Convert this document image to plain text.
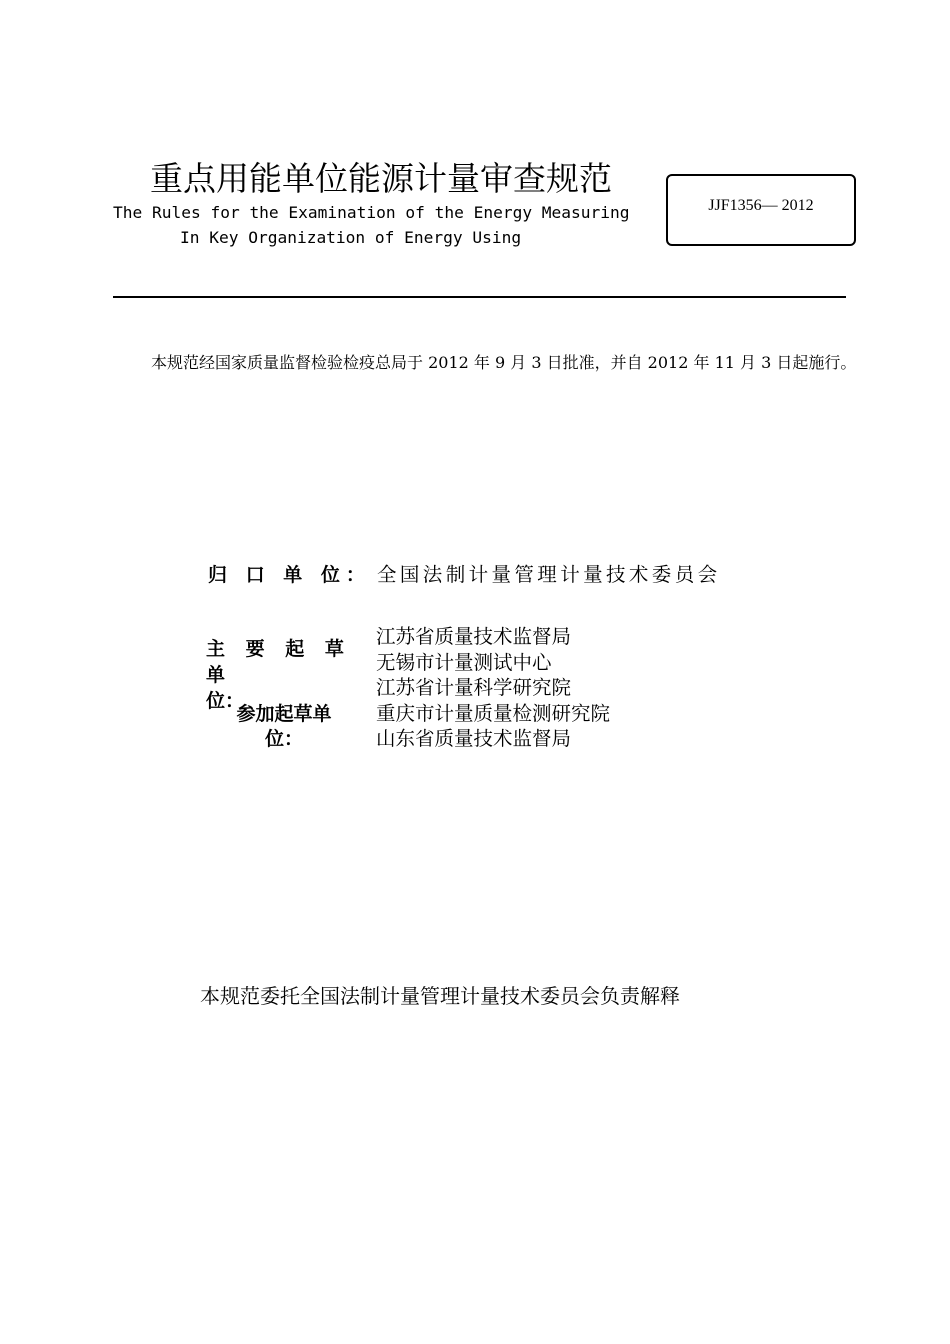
重点用能单位能源计量审查规范
The Rules for the Examination of the Energy Measuring
In Key Organization of Energy Using
JJF1356— 2012
本规范经国家质量监督检验检疫总局于 2012 年 9 月 3 日批准，并自 2012 年 11 月 3 日起施行。
归 口 单 位： 全国法制计量管理计量技术委员会
主 要 起 草 单
位：
参加起草单
位：
江苏省质量技术监督局
无锡市计量测试中心
江苏省计量科学研究院
重庆市计量质量检测研究院
山东省质量技术监督局
本规范委托全国法制计量管理计量技术委员会负责解释
